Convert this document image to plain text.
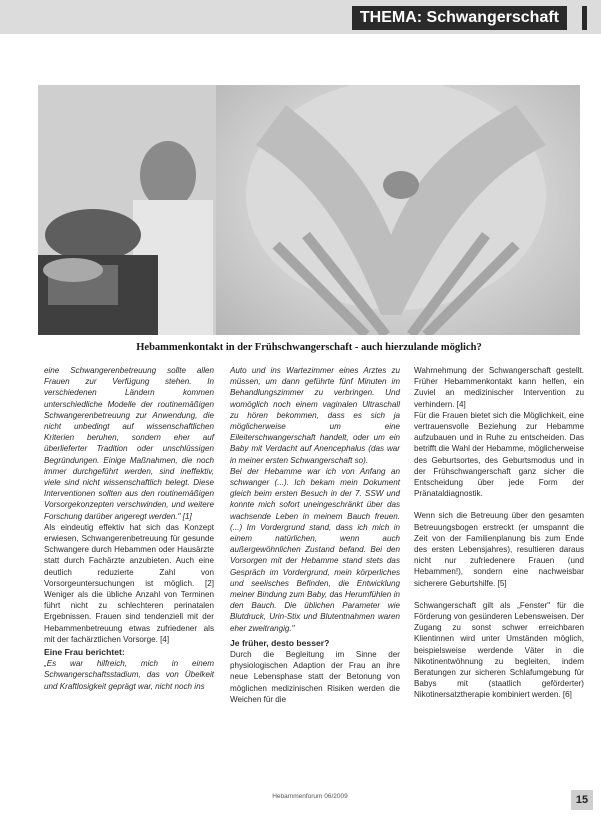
THEMA: Schwangerschaft
Hebammenkontakt in der Frühschwangerschaft - auch hierzulande möglich?

eine Schwangerenbetreuung sollte allen Frauen zur Verfügung stehen. In verschiedenen Ländern kommen unterschiedliche Modelle der routinemäßigen Schwangerenbetreuung zur Anwendung, die nicht unbedingt auf wissenschaftlichen Kriterien beruhen, sondern eher auf überlieferter Tradition oder unschlüssigen Begründungen. Einige Maßnahmen, die noch immer durchgeführt werden, sind ineffektiv, viele sind nicht wissenschaftlich belegt. Diese Interventionen sollten aus den routinemäßigen Vorsorgekonzepten verschwinden, und weitere Forschung darüber angeregt werden." [1]

Als eindeutig effektiv hat sich das Konzept erwiesen, Schwangerenbetreuung für gesunde Schwangere durch Hebammen oder Hausärzte statt durch Fachärzte anzubieten. Auch eine deutlich reduzierte Zahl von Vorsorgeuntersuchungen ist möglich. [2] Weniger als die übliche Anzahl von Terminen führt nicht zu schlechteren perinatalen Ergebnissen. Frauen sind tendenziell mit der Hebammenbetreuung etwas zufriedener als mit der fachärztlichen Vorsorge. [4]

Eine Frau berichtet:

„Es war hilfreich, mich in einem Schwangerschaftsstadium, das von Übelkeit und Kraftlosigkeit geprägt war, nicht noch ins

Auto und ins Wartezimmer eines Arztes zu müssen, um dann geführte fünf Minuten im Behandlungszimmer zu verbringen. Und womöglich noch einem vaginalen Ultraschall zu hören bekommen, dass es sich ja möglicherweise um eine Eileiterschwangerschaft handelt, oder um ein Baby mit Verdacht auf Anencephalus (das war in meiner ersten Schwangerschaft so).

Bei der Hebamme war ich von Anfang an schwanger (...). Ich bekam mein Dokument gleich beim ersten Besuch in der 7. SSW und konnte mich sofort uneingeschränkt über das wachsende Leben in meinem Bauch freuen. (...) Im Vordergrund stand, dass ich mich in einem natürlichen, wenn auch außergewöhnlichen Zustand befand. Bei den Vorsorgen mit der Hebamme stand stets das Gespräch im Vordergrund, mein körperliches und seelisches Befinden, die Entwicklung meiner Bindung zum Baby, das Herumfühlen in den Bauch. Die üblichen Parameter wie Blutdruck, Urin-Stix und Blutentnahmen waren eher zweitrangig."

Je früher, desto besser?

Durch die Begleitung im Sinne der physiologischen Adaption der Frau an ihre neue Lebensphase statt der Betonung von möglichen medizinischen Risiken werden die Weichen für die

Wahrnehmung der Schwangerschaft gestellt. Früher Hebammenkontakt kann helfen, ein Zuviel an medizinischer Intervention zu verhindern. [4]

Für die Frauen bietet sich die Möglichkeit, eine vertrauensvolle Beziehung zur Hebamme aufzubauen und in Ruhe zu entscheiden. Das betrifft die Wahl der Hebamme, möglicherweise des Geburtsortes, des Geburtsmodus und in der Frühschwangerschaft ganz sicher die Entscheidung über jede Form der Pränataldiagnostik.

Wenn sich die Betreuung über den gesamten Betreuungsbogen erstreckt (er umspannt die Zeit von der Familienplanung bis zum Ende des ersten Lebensjahres), resultieren daraus nicht nur zufriedenere Frauen (und Hebammen!), sondern eine nachweisbar sicherere Geburtshilfe. [5]

Schwangerschaft gilt als „Fenster" für die Förderung von gesünderen Lebensweisen. Der Zugang zu sonst schwer erreichbaren Klientinnen wird unter Umständen möglich, beispielsweise werdende Väter in die Nikotinentwöhnung zu begleiten, indem Beratungen zur sicheren Schlafumgebung für Babys mit (staatlich geförderter) Nikotinersatztherapie kombiniert werden. [6]

Hebammenforum 06/2009	15
